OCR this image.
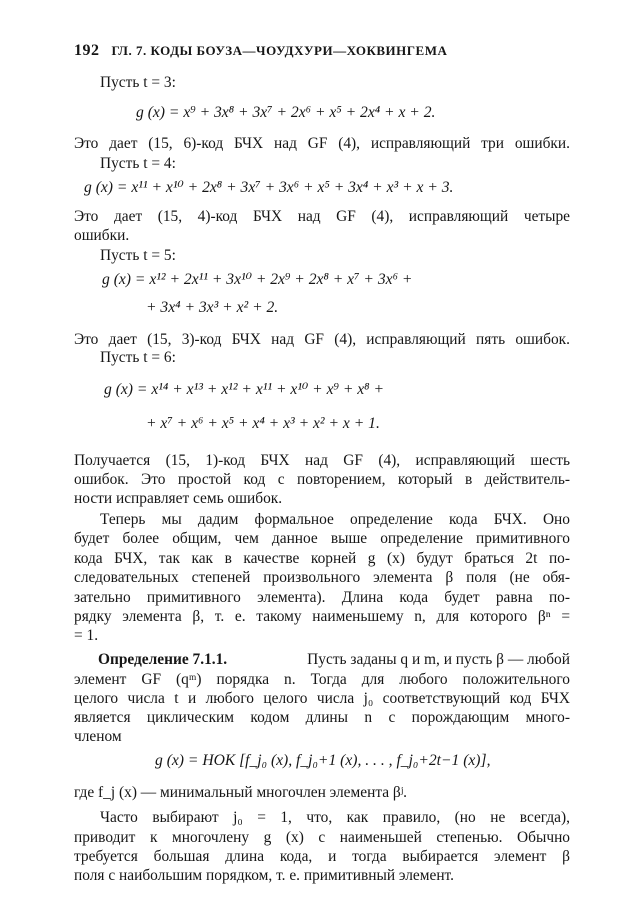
192 ГЛ. 7. КОДЫ БОУЗА—ЧОУДХУРИ—ХОКВИНГЕМА
Пусть t = 3:
g (x) = x⁹ + 3x⁸ + 3x⁷ + 2x⁶ + x⁵ + 2x⁴ + x + 2.
Это дает (15, 6)-код БЧХ над GF (4), исправляющий три ошибки.
Пусть t = 4:
g (x) = x¹¹ + x¹⁰ + 2x⁸ + 3x⁷ + 3x⁶ + x⁵ + 3x⁴ + x³ + x + 3.
Это дает (15, 4)-код БЧХ над GF (4), исправляющий четыре
ошибки.
Пусть t = 5:
g (x) = x¹² + 2x¹¹ + 3x¹⁰ + 2x⁹ + 2x⁸ + x⁷ + 3x⁶ +
+ 3x⁴ + 3x³ + x² + 2.
Это дает (15, 3)-код БЧХ над GF (4), исправляющий пять ошибок.
Пусть t = 6:
g (x) = x¹⁴ + x¹³ + x¹² + x¹¹ + x¹⁰ + x⁹ + x⁸ +
+ x⁷ + x⁶ + x⁵ + x⁴ + x³ + x² + x + 1.
Получается (15, 1)-код БЧХ над GF (4), исправляющий шесть
ошибок. Это простой код с повторением, который в действитель-
ности исправляет семь ошибок.
Теперь мы дадим формальное определение кода БЧХ. Оно
будет более общим, чем данное выше определение примитивного
кода БЧХ, так как в качестве корней g (x) будут браться 2t по-
следовательных степеней произвольного элемента β поля (не обя-
зательно примитивного элемента). Длина кода будет равна по-
рядку элемента β, т. е. такому наименьшему n, для которого βⁿ =
= 1.
Определение 7.1.1.	Пусть заданы q и m, и пусть β — любой
элемент GF (qᵐ) порядка n. Тогда для любого положительного
целого числа t и любого целого числа j₀ соответствующий код БЧХ
является циклическим кодом длины n с порождающим много-
членом
g (x) = НОК [f_j₀ (x), f_j₀+1 (x), . . . , f_j₀+2t−1 (x)],
где f_j (x) — минимальный многочлен элемента βʲ.
Часто выбирают j₀ = 1, что, как правило, (но не всегда),
приводит к многочлену g (x) с наименьшей степенью. Обычно
требуется большая длина кода, и тогда выбирается элемент β
поля с наибольшим порядком, т. е. примитивный элемент.
